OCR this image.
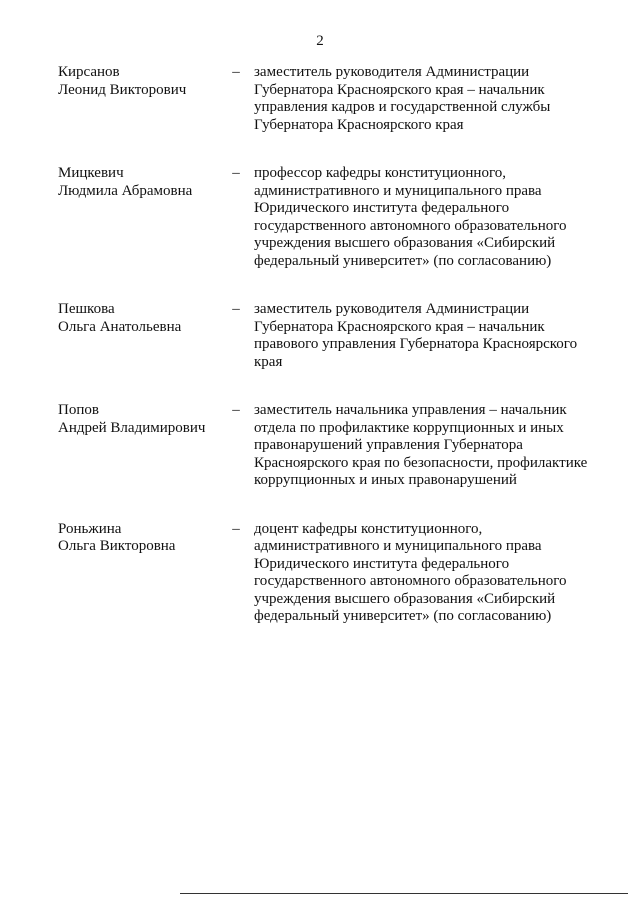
2
Кирсанов
Леонид Викторович
– заместитель руководителя Администрации Губернатора Красноярского края – начальник управления кадров и государственной службы Губернатора Красноярского края
Мицкевич
Людмила Абрамовна
– профессор кафедры конституционного, административного и муниципального права Юридического института федерального государственного автономного образовательного учреждения высшего образования «Сибирский федеральный университет» (по согласованию)
Пешкова
Ольга Анатольевна
– заместитель руководителя Администрации Губернатора Красноярского края – начальник правового управления Губернатора Красноярского края
Попов
Андрей Владимирович
– заместитель начальника управления – начальник отдела по профилактике коррупционных и иных правонарушений управления Губернатора Красноярского края по безопасности, профилактике коррупционных и иных правонарушений
Роньжина
Ольга Викторовна
– доцент кафедры конституционного, административного и муниципального права Юридического института федерального государственного автономного образовательного учреждения высшего образования «Сибирский федеральный университет» (по согласованию)
